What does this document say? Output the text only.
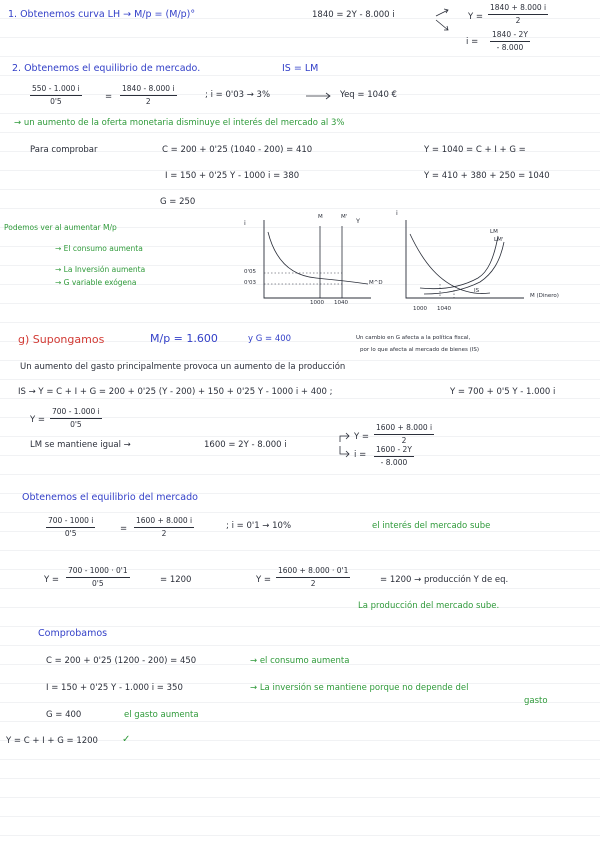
1. Obtenemos curva LH → M/p = (M/p)°	1840 = 2Y - 8.000 i	$Y = \frac{1840 + 8.000 i}{2}$
$i = \frac{1840 - 2Y}{- 8.000}$
2. Obtenemos el equilibrio de mercado.	IS = LM
$\frac{550 - 1.000 i}{0'5}$	= $\frac{1840 - 8.000 i}{2}$	; i = 0'03 → 3%	Yeq = 1040 €
→ un aumento de la oferta monetaria disminuye el interés del mercado al 3%
Para comprobar	C = 200 + 0'25 (1040 - 200) = 410	Y = 1040 = C + I + G =
I = 150 + 0'25 Y - 1000 i = 380	Y = 410 + 380 + 250 = 1040
G = 250
Podemos ver al aumentar M/p
→ El consumo aumenta
→ La Inversión aumenta
→ G variable exógena
i	Y
0'05
0'03
1000 1040
M	M'
M^D
i
LM
LM'
IS
1000 1040
M (Dinero)
g) Supongamos	M/p = 1.600	y G = 400	Un cambio en G afecta a la política fiscal,
por lo que afecta al mercado de bienes (IS)
Un aumento del gasto principalmente provoca un aumento de la producción
IS → Y = C + I + G = 200 + 0'25 (Y - 200) + 150 + 0'25 Y - 1000 i + 400 ;	Y = 700 + 0'5 Y - 1.000 i
$Y = \frac{700 - 1.000 i}{0'5}$
LM se mantiene igual →	1600 = 2Y - 8.000 i
$Y = \frac{1600 + 8.000 i}{2}$
$i = \frac{1600 - 2Y}{- 8.000}$
Obtenemos el equilibrio del mercado
$\frac{700 - 1000 i}{0'5}$	= $\frac{1600 + 8.000 i}{2}$	; i = 0'1 → 10%	el interés del mercado sube
$Y = \frac{700 - 1000 \cdot 0'1}{0'5}$	= 1200	$Y = \frac{1600 + 8.000 \cdot 0'1}{2}$	= 1200 → producción Y de eq.
La producción del mercado sube.
Comprobamos
C = 200 + 0'25 (1200 - 200) = 450	→ el consumo aumenta
I = 150 + 0'25 Y - 1.000 i = 350	→ La inversión se mantiene porque no depende del
gasto
G = 400	el gasto aumenta
Y = C + I + G = 1200 ✓
